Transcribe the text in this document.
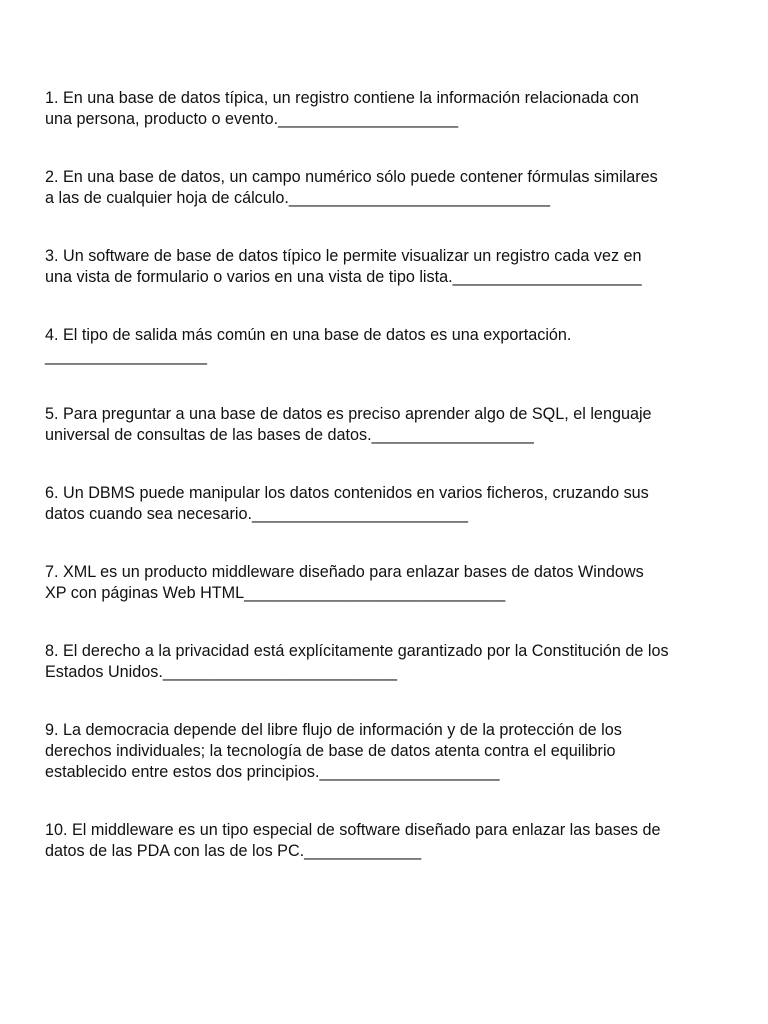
1. En una base de datos típica, un registro contiene la información relacionada con
una persona, producto o evento.____________________
2. En una base de datos, un campo numérico sólo puede contener fórmulas similares
a las de cualquier hoja de cálculo._____________________________
3. Un software de base de datos típico le permite visualizar un registro cada vez en
una vista de formulario o varios en una vista de tipo lista._____________________
4. El tipo de salida más común en una base de datos es una exportación.
__________________
5. Para preguntar a una base de datos es preciso aprender algo de SQL, el lenguaje
universal de consultas de las bases de datos.__________________
6. Un DBMS puede manipular los datos contenidos en varios ficheros, cruzando sus
datos cuando sea necesario.________________________
7. XML es un producto middleware diseñado para enlazar bases de datos Windows
XP con páginas Web HTML_____________________________
8. El derecho a la privacidad está explícitamente garantizado por la Constitución de los
Estados Unidos.__________________________
9. La democracia depende del libre flujo de información y de la protección de los
derechos individuales; la tecnología de base de datos atenta contra el equilibrio
establecido entre estos dos principios.____________________
10. El middleware es un tipo especial de software diseñado para enlazar las bases de
datos de las PDA con las de los PC._____________
